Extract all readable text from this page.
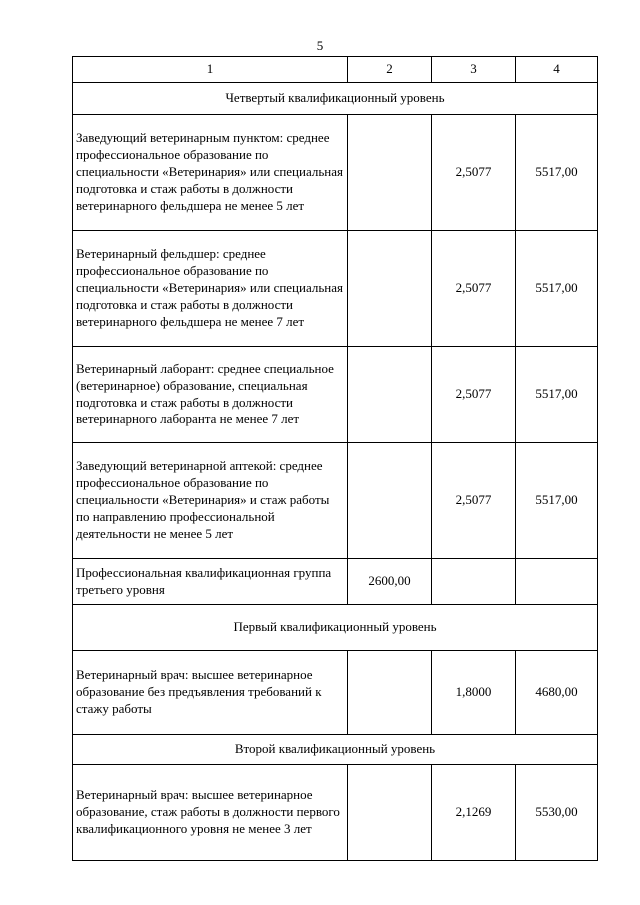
5
1	2	3	4
Четвертый квалификационный уровень			
Заведующий ветеринарным пунктом: среднее профессиональное образование по специальности «Ветеринария» или специальная подготовка и стаж работы в должности ветеринарного фельдшера не менее 5 лет		2,5077	5517,00
Ветеринарный фельдшер: среднее профессиональное образование по специальности «Ветеринария» или специальная подготовка и стаж работы в должности ветеринарного фельдшера не менее 7 лет		2,5077	5517,00
Ветеринарный лаборант: среднее специальное (ветеринарное) образование, специальная подготовка и стаж работы в должности ветеринарного лаборанта не менее 7 лет		2,5077	5517,00
Заведующий ветеринарной аптекой: среднее профессиональное образование по специальности «Ветеринария» и стаж работы по направлению профессиональной деятельности не менее 5 лет		2,5077	5517,00
Профессиональная квалификационная группа третьего уровня	2600,00		
Первый квалификационный уровень			
Ветеринарный врач: высшее ветеринарное образование без предъявления требований к стажу работы		1,8000	4680,00
Второй квалификационный уровень			
Ветеринарный врач: высшее ветеринарное образование, стаж работы в должности первого квалификационного уровня не менее 3 лет		2,1269	5530,00
